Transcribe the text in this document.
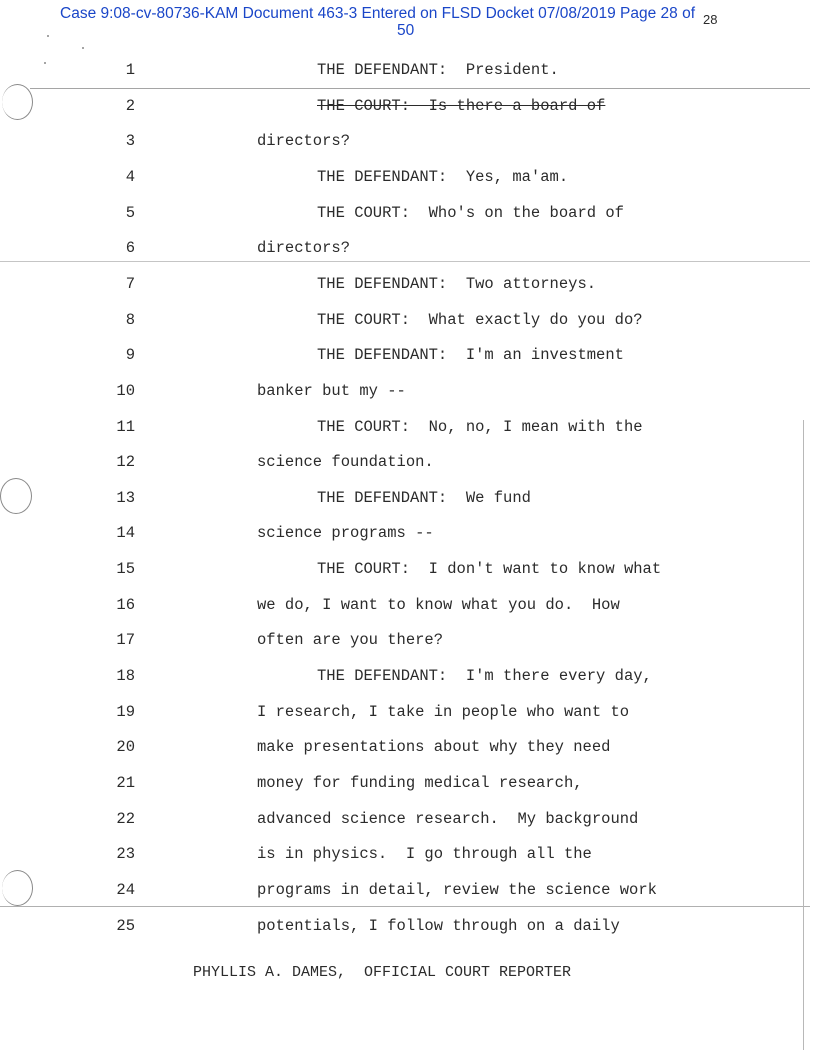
Case 9:08-cv-80736-KAM Document 463-3 Entered on FLSD Docket 07/08/2019 Page 28 of
50
28
1	THE DEFENDANT:  President.
2	THE COURT:  Is there a board of
3	directors?
4	THE DEFENDANT:  Yes, ma'am.
5	THE COURT:  Who's on the board of
6	directors?
7	THE DEFENDANT:  Two attorneys.
8	THE COURT:  What exactly do you do?
9	THE DEFENDANT:  I'm an investment
10	banker but my --
11	THE COURT:  No, no, I mean with the
12	science foundation.
13	THE DEFENDANT:  We fund
14	science programs --
15	THE COURT:  I don't want to know what
16	we do, I want to know what you do.  How
17	often are you there?
18	THE DEFENDANT:  I'm there every day,
19	I research, I take in people who want to
20	make presentations about why they need
21	money for funding medical research,
22	advanced science research.  My background
23	is in physics.  I go through all the
24	programs in detail, review the science work
25	potentials, I follow through on a daily

PHYLLIS A. DAMES,  OFFICIAL COURT REPORTER
